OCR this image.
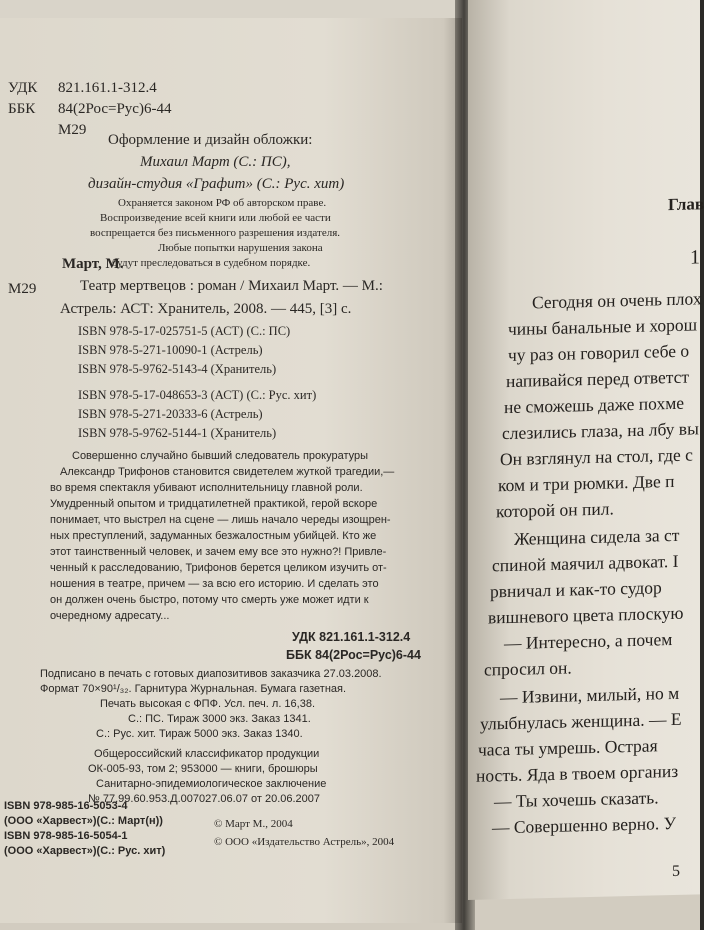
УДК 821.161.1-312.4
ББК 84(2Рос=Рус)6-44
М29
Оформление и дизайн обложки:
Михаил Март (С.: ПС),
дизайн-студия «Графит» (С.: Рус. хит)
Охраняется законом РФ об авторском праве.
Воспроизведение всей книги или любой ее части
воспрещается без письменного разрешения издателя.
Любые попытки нарушения закона
будут преследоваться в судебном порядке.
Март, М.
М29	Театр мертвецов : роман / Михаил Март. — М.:
Астрель: АСТ: Хранитель, 2008. — 445, [3] с.
ISBN 978-5-17-025751-5 (АСТ) (С.: ПС)
ISBN 978-5-271-10090-1 (Астрель)
ISBN 978-5-9762-5143-4 (Хранитель)
ISBN 978-5-17-048653-3 (АСТ) (С.: Рус. хит)
ISBN 978-5-271-20333-6 (Астрель)
ISBN 978-5-9762-5144-1 (Хранитель)
Совершенно случайно бывший следователь прокуратуры
Александр Трифонов становится свидетелем жуткой трагедии,—
во время спектакля убивают исполнительницу главной роли.
Умудренный опытом и тридцатилетней практикой, герой вскоре
понимает, что выстрел на сцене — лишь начало череды изощрен-
ных преступлений, задуманных безжалостным убийцей. Кто же
этот таинственный человек, и зачем ему все это нужно?! Привле-
ченный к расследованию, Трифонов берется целиком изучить от-
ношения в театре, причем — за всю его историю. И сделать это
он должен очень быстро, потому что смерть уже может идти к
очередному адресату...
УДК 821.161.1-312.4
ББК 84(2Рос=Рус)6-44
Подписано в печать с готовых диапозитивов заказчика 27.03.2008.
Формат 70×90¹/₃₂. Гарнитура Журнальная. Бумага газетная.
Печать высокая с ФПФ. Усл. печ. л. 16,38.
С.: ПС. Тираж 3000 экз. Заказ 1341.
С.: Рус. хит. Тираж 5000 экз. Заказ 1340.
Общероссийский классификатор продукции
ОК-005-93, том 2; 953000 — книги, брошюры
Санитарно-эпидемиологическое заключение
№ 77.99.60.953.Д.007027.06.07 от 20.06.2007
ISBN 978-985-16-5053-4
(ООО «Харвест»)(С.: Март(н))
ISBN 978-985-16-5054-1
(ООО «Харвест»)(С.: Рус. хит)
© Март М., 2004
© ООО «Издательство Астрель», 2004
Глав
1
Сегодня он очень плох
чины банальные и хорош
чу раз он говорил себе о
напивайся перед ответст
не сможешь даже похме
слезились глаза, на лбу вы
Он взглянул на стол, где с
ком и три рюмки. Две п
которой он пил.
Женщина сидела за ст
спиной маячил адвокат. І
рвничал и как-то судор
вишневого цвета плоскую
— Интересно, а почем
спросил он.
— Извини, милый, но м
улыбнулась женщина. — Е
часа ты умрешь. Острая
ность. Яда в твоем организ
— Ты хочешь сказать.
— Совершенно верно. У
5
